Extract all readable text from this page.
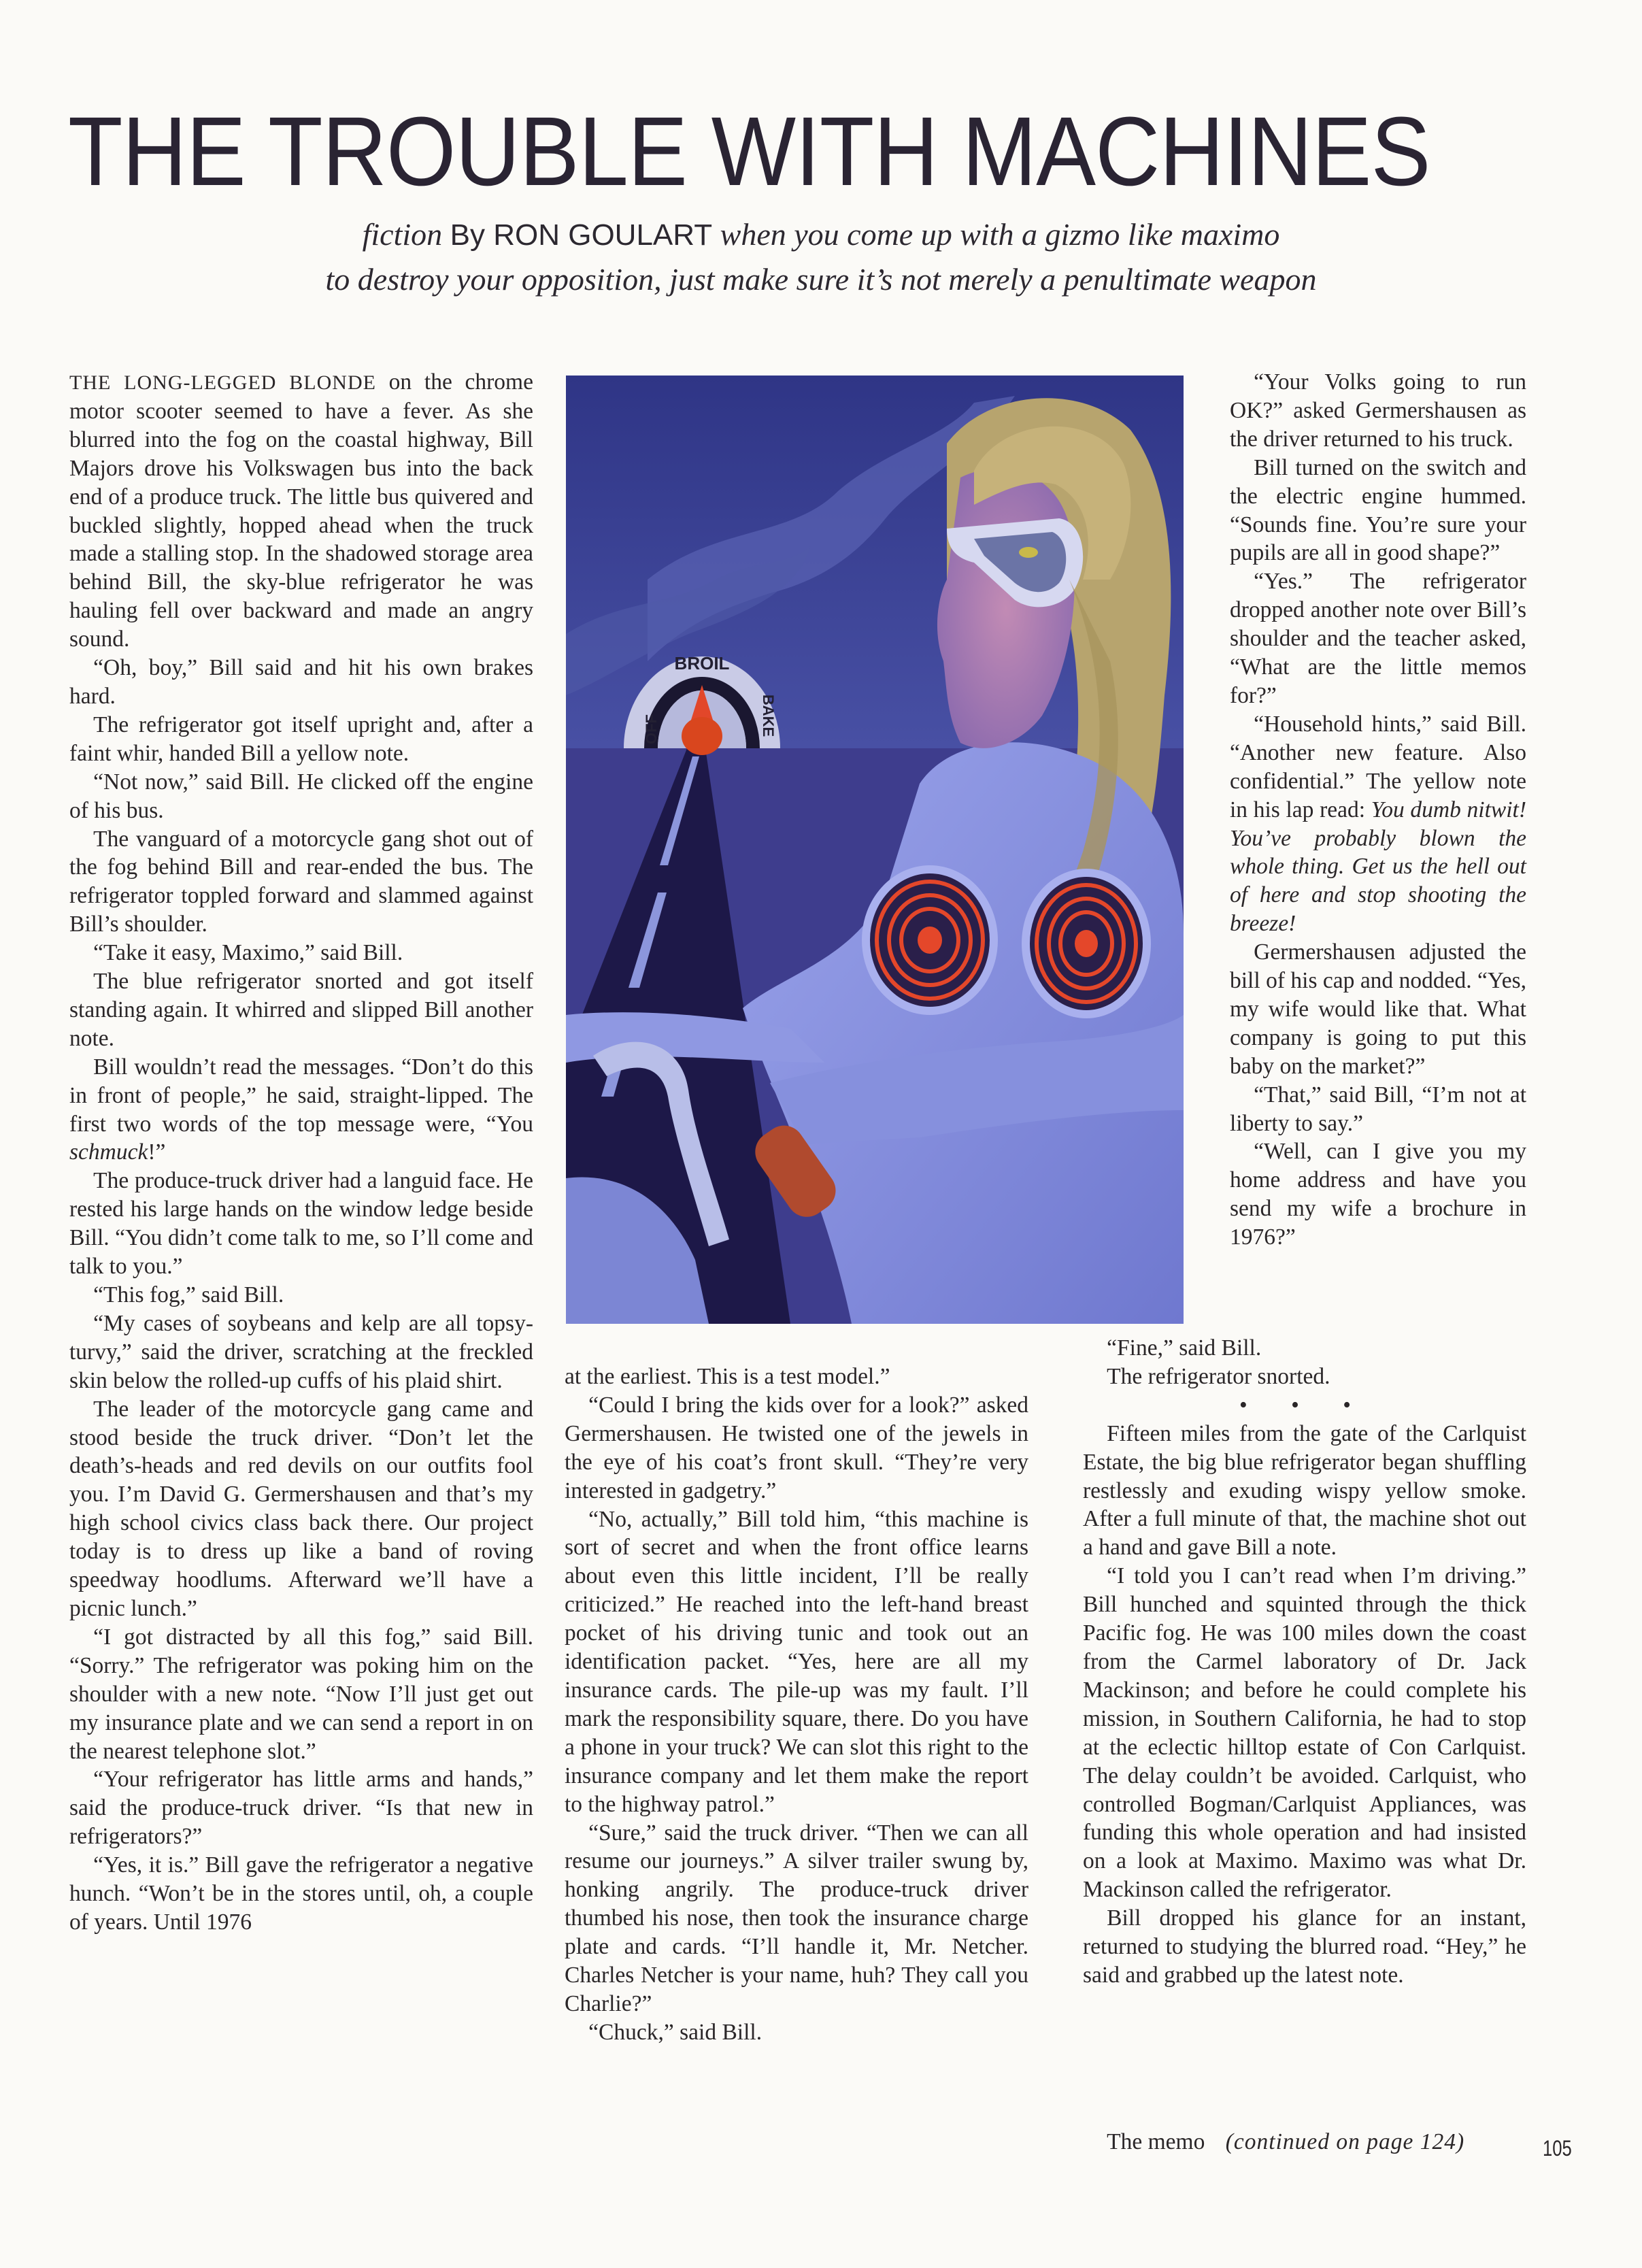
THE TROUBLE WITH MACHINES
fiction By RON GOULART when you come up with a gizmo like maximo
to destroy your opposition, just make sure it’s not merely a penultimate weapon

THE LONG-LEGGED BLONDE on the chrome motor scooter seemed to have a fever. As she blurred into the fog on the coastal highway, Bill Majors drove his Volkswagen bus into the back end of a produce truck. The little bus quivered and buckled slightly, hopped ahead when the truck made a stalling stop. In the shadowed storage area behind Bill, the sky-blue refrigerator he was hauling fell over backward and made an angry sound.

“Oh, boy,” Bill said and hit his own brakes hard.

The refrigerator got itself upright and, after a faint whir, handed Bill a yellow note.

“Not now,” said Bill. He clicked off the engine of his bus.

The vanguard of a motorcycle gang shot out of the fog behind Bill and rear-ended the bus. The refrigerator toppled forward and slammed against Bill’s shoulder.

“Take it easy, Maximo,” said Bill.

The blue refrigerator snorted and got itself standing again. It whirred and slipped Bill another note.

Bill wouldn’t read the messages. “Don’t do this in front of people,” he said, straight-lipped. The first two words of the top message were, “You schmuck!”

The produce-truck driver had a languid face. He rested his large hands on the window ledge beside Bill. “You didn’t come talk to me, so I’ll come and talk to you.”

“This fog,” said Bill.

“My cases of soybeans and kelp are all topsy-turvy,” said the driver, scratching at the freckled skin below the rolled-up cuffs of his plaid shirt.

The leader of the motorcycle gang came and stood beside the truck driver. “Don’t let the death’s-heads and red devils on our outfits fool you. I’m David G. Germershausen and that’s my high school civics class back there. Our project today is to dress up like a band of roving speedway hoodlums. Afterward we’ll have a picnic lunch.”

“I got distracted by all this fog,” said Bill. “Sorry.” The refrigerator was poking him on the shoulder with a new note. “Now I’ll just get out my insurance plate and we can send a report in on the nearest telephone slot.”

“Your refrigerator has little arms and hands,” said the produce-truck driver. “Is that new in refrigerators?”

“Yes, it is.” Bill gave the refrigerator a negative hunch. “Won’t be in the stores until, oh, a couple of years. Until 1976

BROIL
OFF	BAKE

at the earliest. This is a test model.”

“Could I bring the kids over for a look?” asked Germershausen. He twisted one of the jewels in the eye of his coat’s front skull. “They’re very interested in gadgetry.”

“No, actually,” Bill told him, “this machine is sort of secret and when the front office learns about even this little incident, I’ll be really criticized.” He reached into the left-hand breast pocket of his driving tunic and took out an identification packet. “Yes, here are all my insurance cards. The pile-up was my fault. I’ll mark the responsibility square, there. Do you have a phone in your truck? We can slot this right to the insurance company and let them make the report to the highway patrol.”

“Sure,” said the truck driver. “Then we can all resume our journeys.” A silver trailer swung by, honking angrily. The produce-truck driver thumbed his nose, then took the insurance charge plate and cards. “I’ll handle it, Mr. Netcher. Charles Netcher is your name, huh? They call you Charlie?”

“Chuck,” said Bill.

“Your Volks going to run OK?” asked Germershausen as the driver returned to his truck.

Bill turned on the switch and the electric engine hummed. “Sounds fine. You’re sure your pupils are all in good shape?”

“Yes.” The refrigerator dropped another note over Bill’s shoulder and the teacher asked, “What are the little memos for?”

“Household hints,” said Bill. “Another new feature. Also confidential.” The yellow note in his lap read: You dumb nitwit! You’ve probably blown the whole thing. Get us the hell out of here and stop shooting the breeze!

Germershausen adjusted the bill of his cap and nodded. “Yes, my wife would like that. What company is going to put this baby on the market?”

“That,” said Bill, “I’m not at liberty to say.”

“Well, can I give you my home address and have you send my wife a brochure in 1976?”

“Fine,” said Bill.

The refrigerator snorted.

• • •

Fifteen miles from the gate of the Carlquist Estate, the big blue refrigerator began shuffling restlessly and exuding wispy yellow smoke. After a full minute of that, the machine shot out a hand and gave Bill a note.

“I told you I can’t read when I’m driving.” Bill hunched and squinted through the thick Pacific fog. He was 100 miles down the coast from the Carmel laboratory of Dr. Jack Mackinson; and before he could complete his mission, in Southern California, he had to stop at the eclectic hilltop estate of Con Carlquist. The delay couldn’t be avoided. Carlquist, who controlled Bogman/Carlquist Appliances, was funding this whole operation and had insisted on a look at Maximo. Maximo was what Dr. Mackinson called the refrigerator.

Bill dropped his glance for an instant, returned to studying the blurred road. “Hey,” he said and grabbed up the latest note.

The memo (continued on page 124)	105
